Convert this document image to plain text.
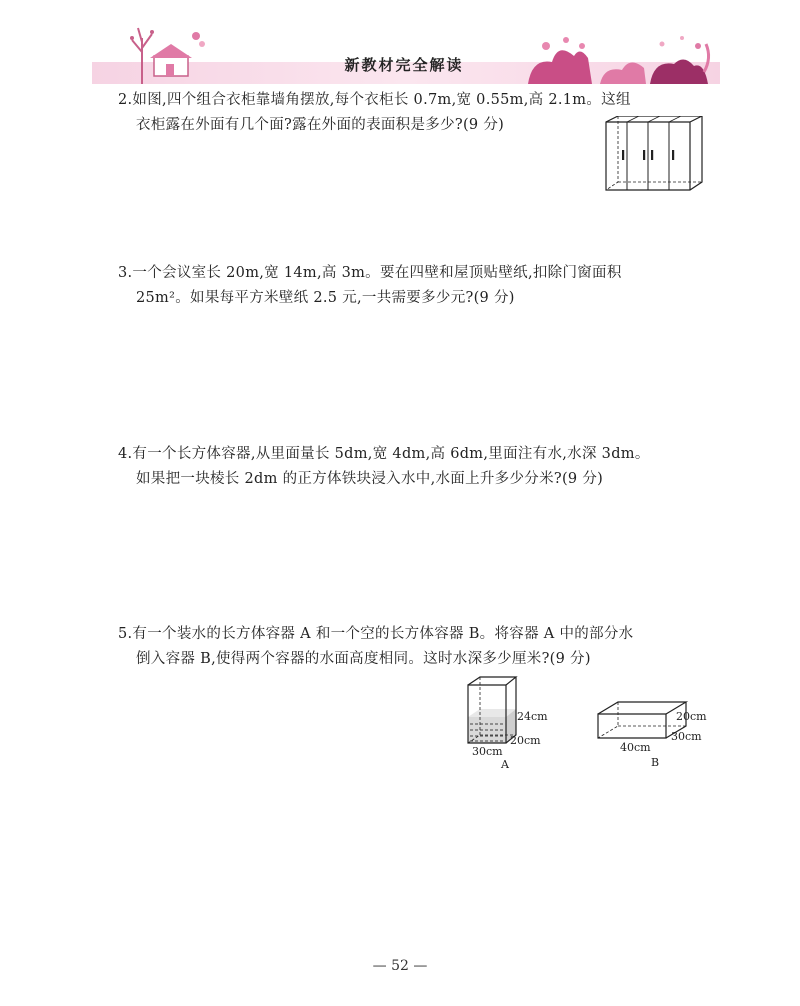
新教材完全解读

2.如图,四个组合衣柜靠墙角摆放,每个衣柜长 0.7m,宽 0.55m,高 2.1m。这组

衣柜露在外面有几个面?露在外面的表面积是多少?(9 分)

3.一个会议室长 20m,宽 14m,高 3m。要在四壁和屋顶贴壁纸,扣除门窗面积

25m²。如果每平方米壁纸 2.5 元,一共需要多少元?(9 分)

4.有一个长方体容器,从里面量长 5dm,宽 4dm,高 6dm,里面注有水,水深 3dm。

如果把一块棱长 2dm 的正方体铁块浸入水中,水面上升多少分米?(9 分)

5.有一个装水的长方体容器 A 和一个空的长方体容器 B。将容器 A 中的部分水

倒入容器 B,使得两个容器的水面高度相同。这时水深多少厘米?(9 分)

24cm
20cm
30cm
A
20cm
30cm
40cm
B
— 52 —
